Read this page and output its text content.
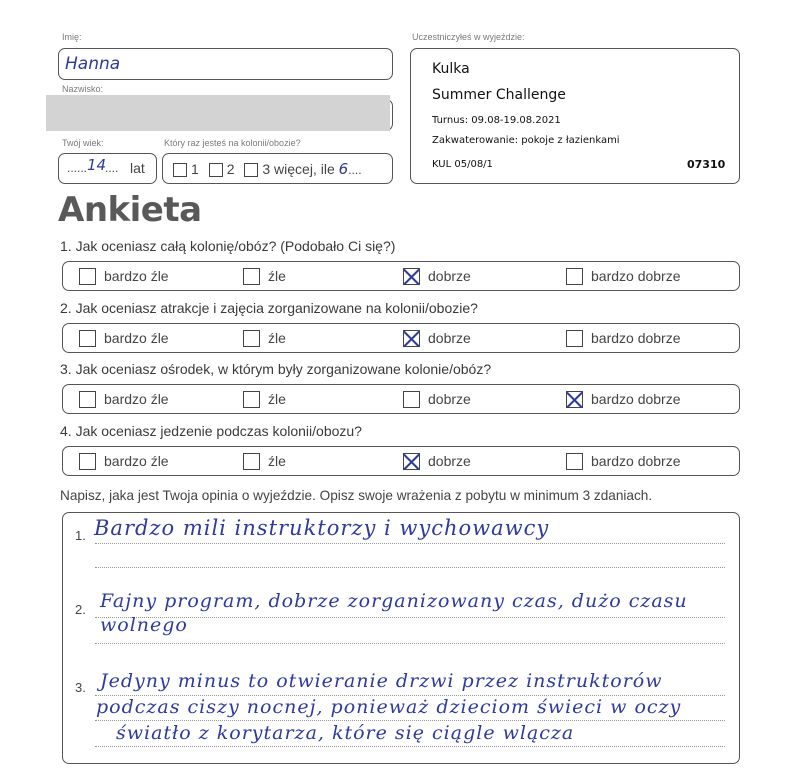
Imię:
Hanna
Nazwisko:
Twój wiek:
...... 14
.... lat
Który raz jesteś na kolonii/obozie?
1 2 3 więcej, ile 6....
Uczestniczyłeś w wyjeździe:
Kulka
Summer Challenge
Turnus: 09.08-19.08.2021
Zakwaterowanie: pokoje z łazienkami
KUL 05/08/1	07310
Ankieta
1. Jak oceniasz całą kolonię/obóz? (Podobało Ci się?)
bardzo źle	źle	dobrze	bardzo dobrze
2. Jak oceniasz atrakcje i zajęcia zorganizowane na kolonii/obozie?
bardzo źle	źle	dobrze	bardzo dobrze
3. Jak oceniasz ośrodek, w którym były zorganizowane kolonie/obóz?
bardzo źle	źle	dobrze	bardzo dobrze
4. Jak oceniasz jedzenie podczas kolonii/obozu?
bardzo źle	źle	dobrze	bardzo dobrze
Napisz, jaka jest Twoja opinia o wyjeździe. Opisz swoje wrażenia z pobytu w minimum 3 zdaniach.
1.
2.
3.
Bardzo mili instruktorzy i wychowawcy
Fajny program, dobrze zorganizowany czas, dużo czasu
wolnego
Jedyny minus to otwieranie drzwi przez instruktorów
podczas ciszy nocnej, ponieważ dzieciom świeci w oczy
światło z korytarza, które się ciągle wlącza
